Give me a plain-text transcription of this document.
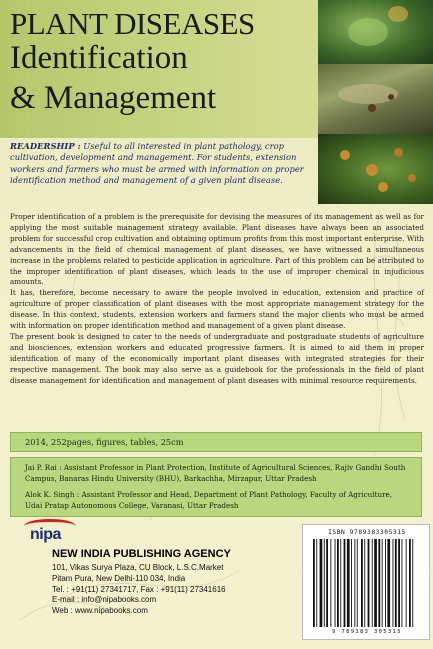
PLANT DISEASES
Identification
& Management
READERSHIP : Useful to all interested in plant pathology, crop cultivation, development and management. For students, extension workers and farmers who must be armed with information on proper identification method and management of a given plant disease.

Proper identification of a problem is the prerequisite for devising the measures of its management as well as for applying the most suitable management strategy available. Plant diseases have always been an associated problem for successful crop cultivation and obtaining optimum profits from this most important enterprise. With advancements in the field of chemical management of plant diseases, we have witnessed a simultaneous increase in the problems related to pesticide application in agriculture. Part of this problem can be attributed to the improper identification of plant diseases, which leads to the use of improper chemical in injudicious amounts.

It has, therefore, become necessary to aware the people involved in education, extension and practice of agriculture of proper classification of plant diseases with the most appropriate management strategy for the disease. In this context, students, extension workers and farmers stand the major clients who must be armed with information on proper identification method and management of a given plant disease.

The present book is designed to cater to the needs of undergraduate and postgraduate students of agriculture and biosciences, extension workers and educated progressive farmers. It is aimed to aid them in proper identification of many of the economically important plant diseases with integrated strategies for their respective management. The book may also serve as a guidebook for the professionals in the field of plant disease management for identification and management of plant diseases with minimal resource requirements.

2014, 252pages, figures, tables, 25cm

Jai P. Rai : Assistant Professor in Plant Protection, Institute of Agricultural Sciences, Rajiv Gandhi South Campus, Banaras Hindu University (BHU), Barkachha, Mirzapur, Uttar Pradesh

Alok K. Singh : Assistant Professor and Head, Department of Plant Pathology, Faculty of Agriculture, Udai Pratap Autonomous College, Varanasi, Uttar Pradesh

nipa
NEW INDIA PUBLISHING AGENCY
101, Vikas Surya Plaza, CU Block, L.S.C.Market
Pitam Pura, New Delhi-110 034, India
Tel. : +91(11) 27341717, Fax : +91(11) 27341616
E-mail : info@nipabooks.com
Web : www.nipabooks.com
ISBN 9789383305315
9 789383 305315
